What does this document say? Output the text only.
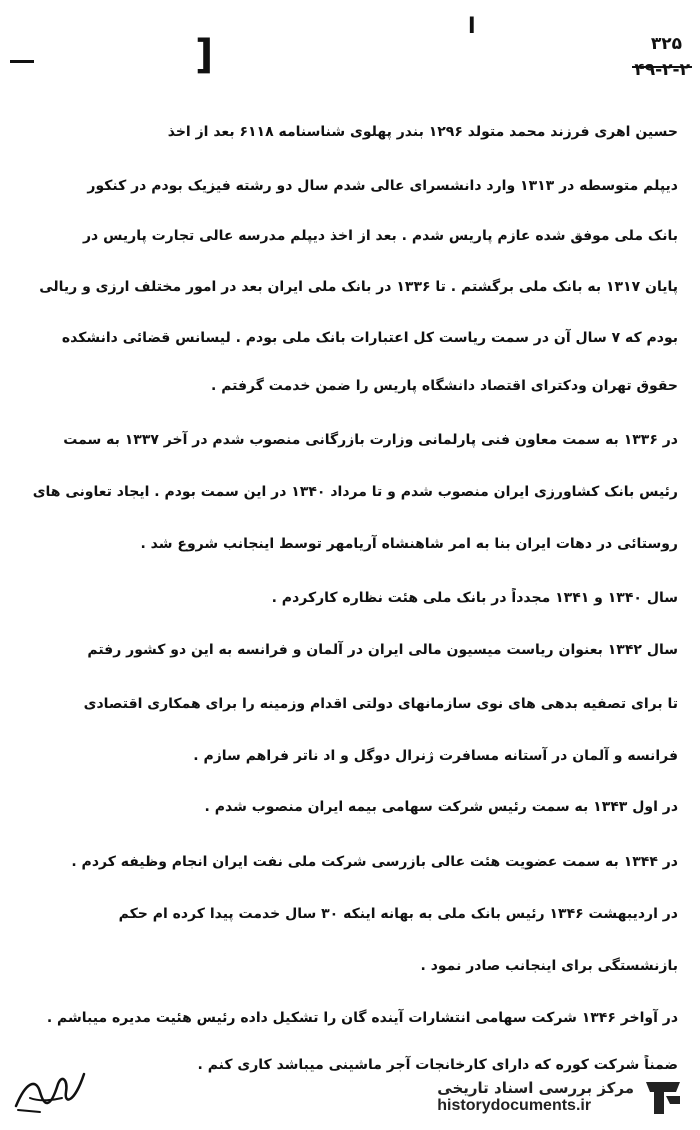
ا
]	۳۲۵
۴۹-۲-۲
حسین اهری فرزند محمد متولد ۱۲۹۶ بندر پهلوی شناسنامه ۶۱۱۸ بعد از اخذ
دیپلم متوسطه در ۱۳۱۳ وارد دانشسرای عالی شدم سال دو رشته فیزیک بودم در کنکور
بانک ملی موفق شده عازم پاریس شدم . بعد از اخذ دیپلم مدرسه عالی تجارت پاریس در
پایان ۱۳۱۷ به بانک ملی برگشتم . تا ۱۳۳۶ در بانک ملی ایران بعد در امور مختلف ارزی و ریالی
بودم که ۷ سال آن در سمت ریاست کل اعتبارات بانک ملی بودم . لیسانس قضائی دانشکده
حقوق تهران ودکترای اقتصاد دانشگاه پاریس را ضمن خدمت گرفتم .
در ۱۳۳۶ به سمت معاون فنی پارلمانی وزارت بازرگانی منصوب شدم در آخر ۱۳۳۷ به سمت
رئیس بانک کشاورزی ایران منصوب شدم و تا مرداد ۱۳۴۰ در این سمت بودم . ایجاد تعاونی های
روستائی در دهات ایران بنا به امر شاهنشاه آریامهر توسط اینجانب شروع شد .
سال ۱۳۴۰ و ۱۳۴۱ مجدداً در بانک ملی هئت نظاره کارکردم .
سال ۱۳۴۲ بعنوان ریاست میسیون مالی ایران در آلمان و فرانسه به این دو کشور رفتم
تا برای تصفیه بدهی های نوی سازمانهای دولتی اقدام وزمینه را برای همکاری اقتصادی
فرانسه و آلمان در آستانه مسافرت ژنرال دوگل و اد ناتر فراهم سازم .
در اول ۱۳۴۳ به سمت رئیس شرکت سهامی بیمه ایران منصوب شدم .
در ۱۳۴۴ به سمت عضویت هئت عالی بازرسی شرکت ملی نفت ایران انجام وظیفه کردم .
در اردیبهشت ۱۳۴۶ رئیس بانک ملی به بهانه اینکه ۳۰ سال خدمت پیدا کرده ام حکم
بازنشستگی برای اینجانب صادر نمود .
در آواخر ۱۳۴۶ شرکت سهامی انتشارات آینده گان را تشکیل داده رئیس هئیت مدیره میباشم .
ضمناً شرکت کوره که دارای کارخانجات آجر ماشینی میباشد کاری کنم .
مرکز بررسی اسناد تاریخی
historydocuments.ir
